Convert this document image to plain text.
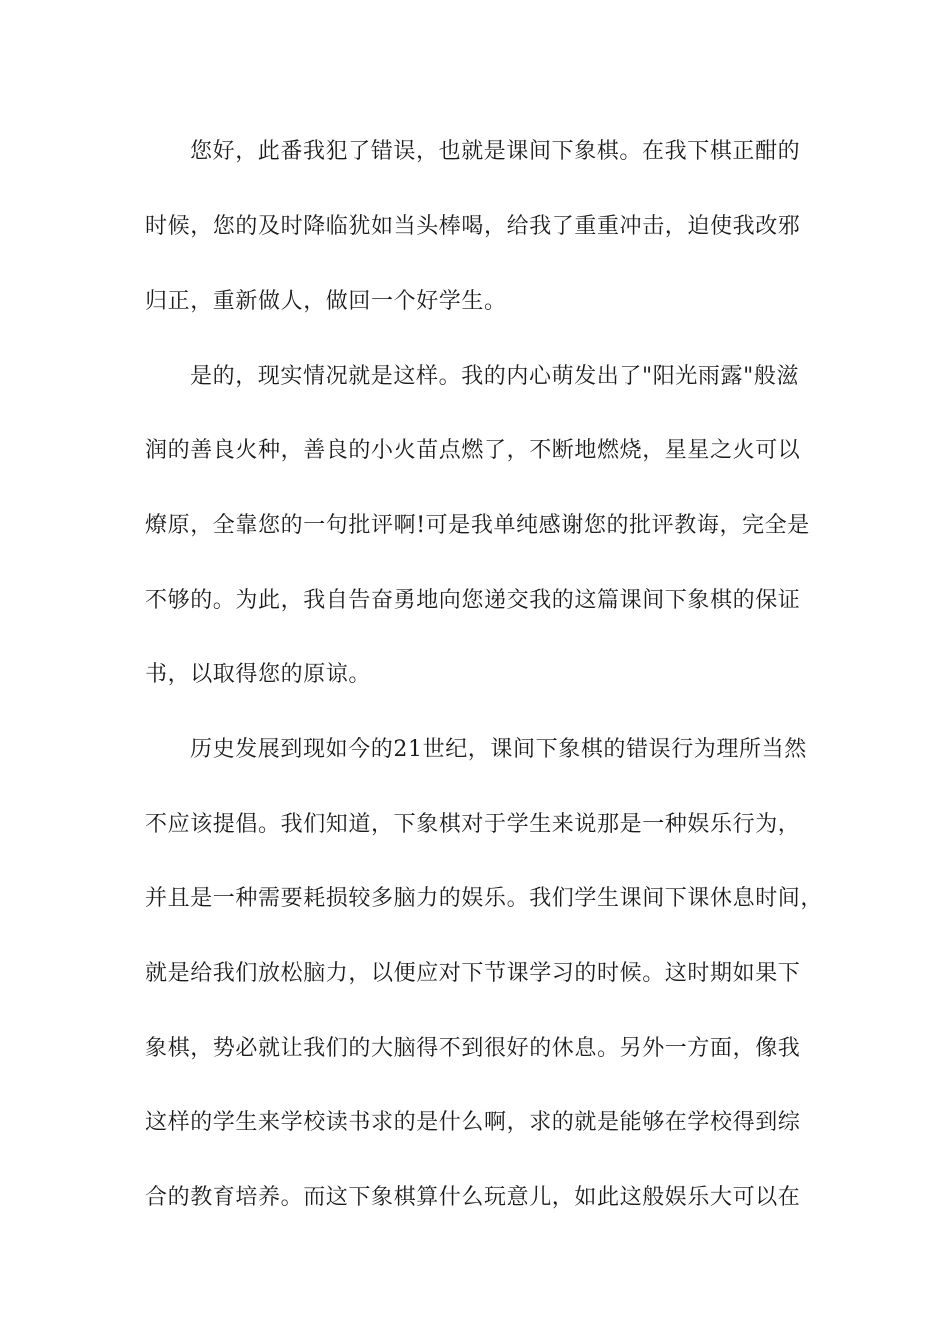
您好，此番我犯了错误，也就是课间下象棋。在我下棋正酣的
时候，您的及时降临犹如当头棒喝，给我了重重冲击，迫使我改邪
归正，重新做人，做回一个好学生。
是的，现实情况就是这样。我的内心萌发出了"阳光雨露"般滋
润的善良火种，善良的小火苗点燃了，不断地燃烧，星星之火可以
燎原，全靠您的一句批评啊!可是我单纯感谢您的批评教诲，完全是
不够的。为此，我自告奋勇地向您递交我的这篇课间下象棋的保证
书，以取得您的原谅。
历史发展到现如今的21世纪，课间下象棋的错误行为理所当然
不应该提倡。我们知道，下象棋对于学生来说那是一种娱乐行为，
并且是一种需要耗损较多脑力的娱乐。我们学生课间下课休息时间，
就是给我们放松脑力，以便应对下节课学习的时候。这时期如果下
象棋，势必就让我们的大脑得不到很好的休息。另外一方面，像我
这样的学生来学校读书求的是什么啊，求的就是能够在学校得到综
合的教育培养。而这下象棋算什么玩意儿，如此这般娱乐大可以在
